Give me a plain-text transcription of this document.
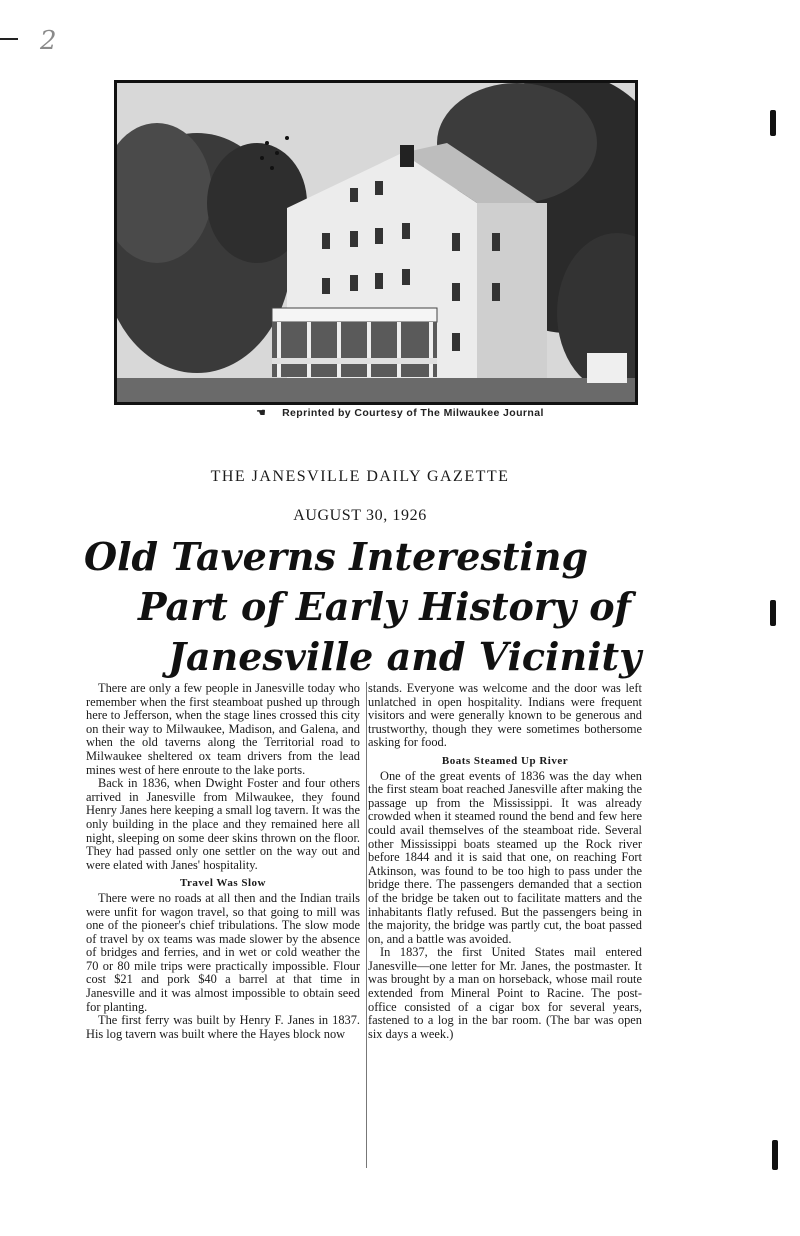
2
☚ Reprinted by Courtesy of The Milwaukee Journal
THE JANESVILLE DAILY GAZETTE
AUGUST 30, 1926
Old Taverns Interesting
Part of Early History of
Janesville and Vicinity

There are only a few people in Janesville today who remember when the first steamboat pushed up through here to Jefferson, when the stage lines crossed this city on their way to Milwaukee, Madison, and Galena, and when the old taverns along the Territorial road to Milwaukee sheltered ox team drivers from the lead mines west of here enroute to the lake ports.

Back in 1836, when Dwight Foster and four others arrived in Janesville from Milwaukee, they found Henry Janes here keeping a small log tavern. It was the only building in the place and they remained here all night, sleeping on some deer skins thrown on the floor. They had passed only one settler on the way out and were elated with Janes' hospitality.

Travel Was Slow

There were no roads at all then and the Indian trails were unfit for wagon travel, so that going to mill was one of the pioneer's chief tribulations. The slow mode of travel by ox teams was made slower by the absence of bridges and ferries, and in wet or cold weather the 70 or 80 mile trips were practically impossible. Flour cost $21 and pork $40 a barrel at that time in Janesville and it was almost impossible to obtain seed for planting.

The first ferry was built by Henry F. Janes in 1837. His log tavern was built where the Hayes block now

stands. Everyone was welcome and the door was left unlatched in open hospitality. Indians were frequent visitors and were generally known to be generous and trustworthy, though they were sometimes bothersome asking for food.

Boats Steamed Up River

One of the great events of 1836 was the day when the first steam boat reached Janesville after making the passage up from the Mississippi. It was already crowded when it steamed round the bend and few here could avail themselves of the steamboat ride. Several other Mississippi boats steamed up the Rock river before 1844 and it is said that one, on reaching Fort Atkinson, was found to be too high to pass under the bridge there. The passengers demanded that a section of the bridge be taken out to facilitate matters and the inhabitants flatly refused. But the passengers being in the majority, the bridge was partly cut, the boat passed on, and a battle was avoided.

In 1837, the first United States mail entered Janesville—one letter for Mr. Janes, the postmaster. It was brought by a man on horseback, whose mail route extended from Mineral Point to Racine. The post-office consisted of a cigar box for several years, fastened to a log in the bar room. (The bar was open six days a week.)
